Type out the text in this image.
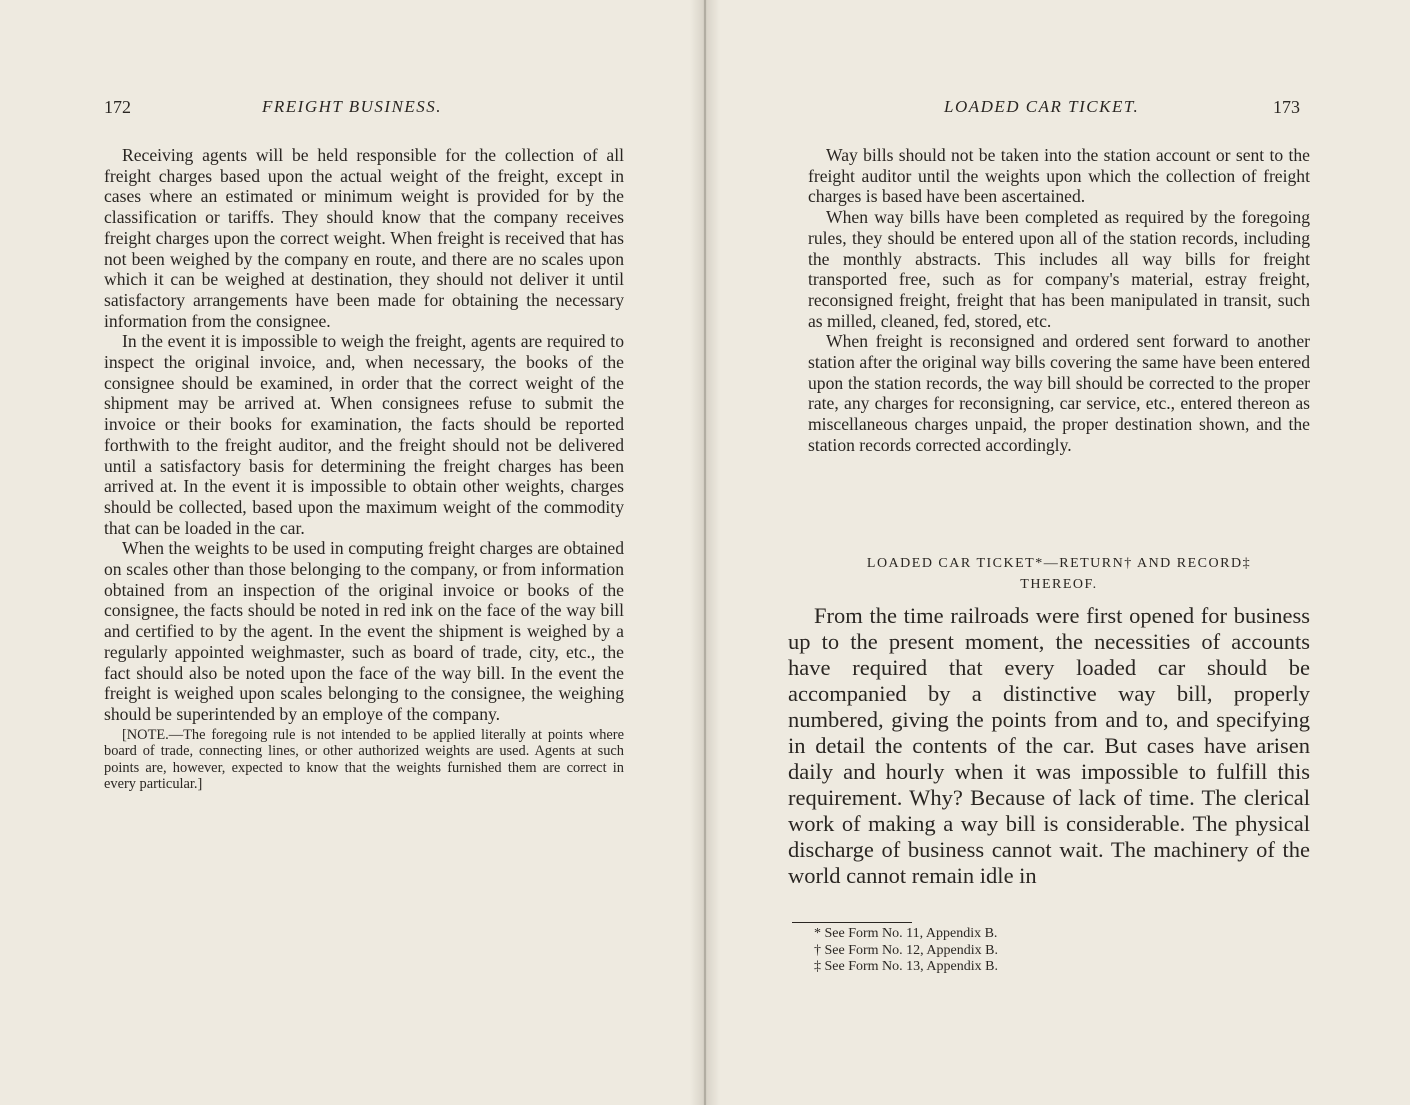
172	FREIGHT BUSINESS.

Receiving agents will be held responsible for the collection of all freight charges based upon the actual weight of the freight, except in cases where an estimated or minimum weight is provided for by the classification or tariffs. They should know that the company receives freight charges upon the correct weight. When freight is received that has not been weighed by the company en route, and there are no scales upon which it can be weighed at destination, they should not deliver it until satisfactory arrangements have been made for obtaining the necessary information from the consignee.

In the event it is impossible to weigh the freight, agents are required to inspect the original invoice, and, when necessary, the books of the consignee should be examined, in order that the correct weight of the shipment may be arrived at. When consignees refuse to submit the invoice or their books for examination, the facts should be reported forthwith to the freight auditor, and the freight should not be delivered until a satisfactory basis for determining the freight charges has been arrived at. In the event it is impossible to obtain other weights, charges should be collected, based upon the maximum weight of the commodity that can be loaded in the car.

When the weights to be used in computing freight charges are obtained on scales other than those belonging to the company, or from information obtained from an inspection of the original invoice or books of the consignee, the facts should be noted in red ink on the face of the way bill and certified to by the agent. In the event the shipment is weighed by a regularly appointed weighmaster, such as board of trade, city, etc., the fact should also be noted upon the face of the way bill. In the event the freight is weighed upon scales belonging to the consignee, the weighing should be superintended by an employe of the company.

[NOTE.—The foregoing rule is not intended to be applied literally at points where board of trade, connecting lines, or other authorized weights are used. Agents at such points are, however, expected to know that the weights furnished them are correct in every particular.]

LOADED CAR TICKET.	173

Way bills should not be taken into the station account or sent to the freight auditor until the weights upon which the collection of freight charges is based have been ascertained.

When way bills have been completed as required by the foregoing rules, they should be entered upon all of the station records, including the monthly abstracts. This includes all way bills for freight transported free, such as for company's material, estray freight, reconsigned freight, freight that has been manipulated in transit, such as milled, cleaned, fed, stored, etc.

When freight is reconsigned and ordered sent forward to another station after the original way bills covering the same have been entered upon the station records, the way bill should be corrected to the proper rate, any charges for reconsigning, car service, etc., entered thereon as miscellaneous charges unpaid, the proper destination shown, and the station records corrected accordingly.

LOADED CAR TICKET*—RETURN† AND RECORD‡
THEREOF.

From the time railroads were first opened for business up to the present moment, the necessities of accounts have required that every loaded car should be accompanied by a distinctive way bill, properly numbered, giving the points from and to, and specifying in detail the contents of the car. But cases have arisen daily and hourly when it was impossible to fulfill this requirement. Why? Because of lack of time. The clerical work of making a way bill is considerable. The physical discharge of business cannot wait. The machinery of the world cannot remain idle in

* See Form No. 11, Appendix B.
† See Form No. 12, Appendix B.
‡ See Form No. 13, Appendix B.
